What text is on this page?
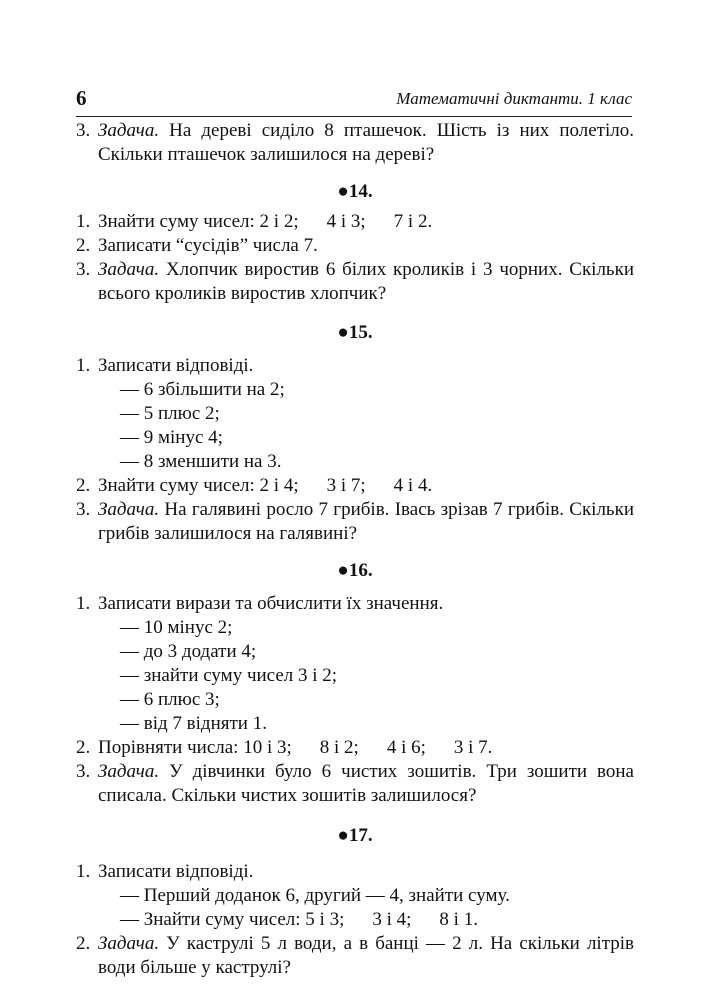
6	Математичні диктанти. 1 клас
3. Задача. На дереві сиділо 8 пташечок. Шість із них полетіло. Скільки пташечок залишилося на дереві?
●14.
1. Знайти суму чисел: 2 і 2; 4 і 3; 7 і 2.
2. Записати “сусідів” числа 7.
3. Задача. Хлопчик виростив 6 білих кроликів і 3 чорних. Скільки всього кроликів виростив хлопчик?
●15.
1. Записати відповіді.
— 6 збільшити на 2;
— 5 плюс 2;
— 9 мінус 4;
— 8 зменшити на 3.
2. Знайти суму чисел: 2 і 4; 3 і 7; 4 і 4.
3. Задача. На галявині росло 7 грибів. Івась зрізав 7 грибів. Скільки грибів залишилося на галявині?
●16.
1. Записати вирази та обчислити їх значення.
— 10 мінус 2;
— до 3 додати 4;
— знайти суму чисел 3 і 2;
— 6 плюс 3;
— від 7 відняти 1.
2. Порівняти числа: 10 і 3; 8 і 2; 4 і 6; 3 і 7.
3. Задача. У дівчинки було 6 чистих зошитів. Три зошити вона списала. Скільки чистих зошитів залишилося?
●17.
1. Записати відповіді.
— Перший доданок 6, другий — 4, знайти суму.
— Знайти суму чисел: 5 і 3; 3 і 4; 8 і 1.
2. Задача. У каструлі 5 л води, а в банці — 2 л. На скільки літрів води більше у каструлі?
